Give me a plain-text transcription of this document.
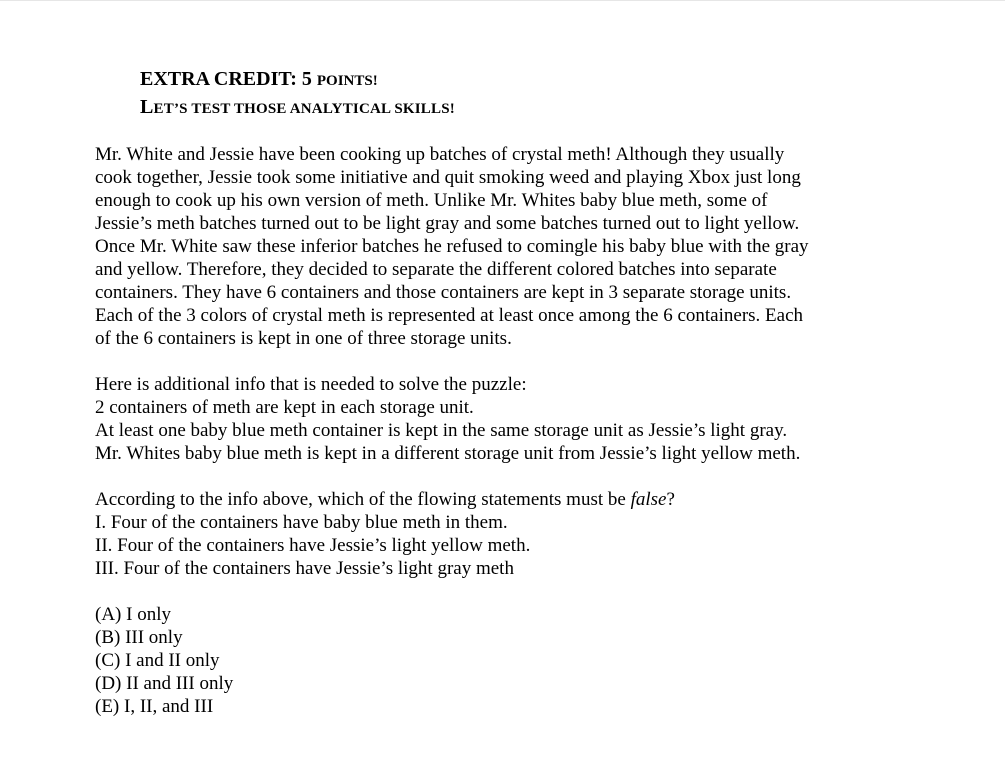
EXTRA CREDIT: 5 POINTS!
LET’S TEST THOSE ANALYTICAL SKILLS!

Mr. White and Jessie have been cooking up batches of crystal meth! Although they usually
cook together, Jessie took some initiative and quit smoking weed and playing Xbox just long
enough to cook up his own version of meth. Unlike Mr. Whites baby blue meth, some of
Jessie’s meth batches turned out to be light gray and some batches turned out to light yellow.
Once Mr. White saw these inferior batches he refused to comingle his baby blue with the gray
and yellow. Therefore, they decided to separate the different colored batches into separate
containers. They have 6 containers and those containers are kept in 3 separate storage units.
Each of the 3 colors of crystal meth is represented at least once among the 6 containers. Each
of the 6 containers is kept in one of three storage units.

Here is additional info that is needed to solve the puzzle:
2 containers of meth are kept in each storage unit.
At least one baby blue meth container is kept in the same storage unit as Jessie’s light gray.
Mr. Whites baby blue meth is kept in a different storage unit from Jessie’s light yellow meth.

According to the info above, which of the flowing statements must be false?
I. Four of the containers have baby blue meth in them.
II. Four of the containers have Jessie’s light yellow meth.
III. Four of the containers have Jessie’s light gray meth

(A) I only
(B) III only
(C) I and II only
(D) II and III only
(E) I, II, and III
